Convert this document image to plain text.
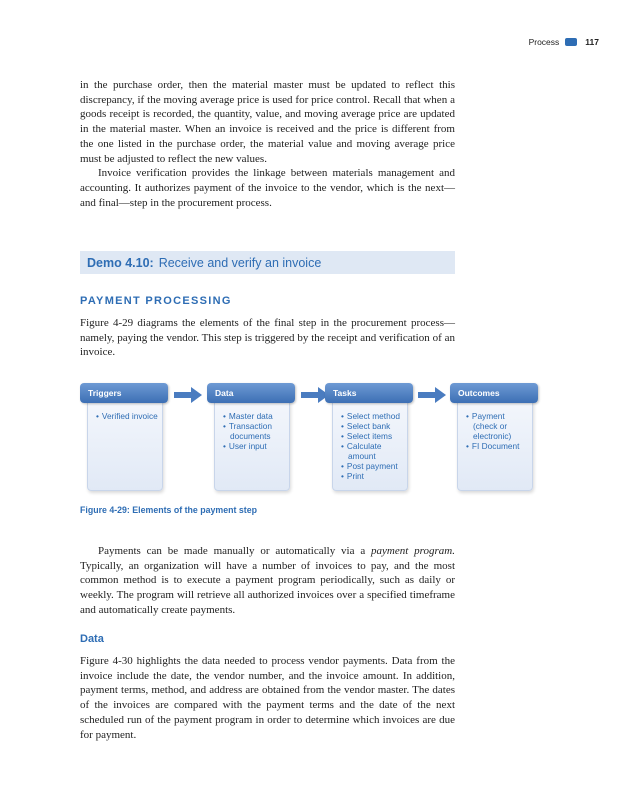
Process	117

in the purchase order, then the material master must be updated to reflect this discrepancy, if the moving average price is used for price control. Recall that when a goods receipt is recorded, the quantity, value, and moving average price are updated in the material master. When an invoice is received and the price is different from the one listed in the purchase order, the material value and moving average price must be adjusted to reflect the new values.

Invoice verification provides the linkage between materials management and accounting. It authorizes payment of the invoice to the vendor, which is the next—and final—step in the procurement process.

Demo 4.10: Receive and verify an invoice
PAYMENT PROCESSING

Figure 4-29 diagrams the elements of the final step in the procurement process—namely, paying the vendor. This step is triggered by the receipt and verification of an invoice.

Triggers
• Verified invoice
Data
• Master data
• Transaction documents
• User input
Tasks
• Select method
• Select bank
• Select items
• Calculate amount
• Post payment
• Print
Outcomes
• Payment (check or electronic)
• FI Document
Figure 4-29: Elements of the payment step

Payments can be made manually or automatically via a payment program. Typically, an organization will have a number of invoices to pay, and the most common method is to execute a payment program periodically, such as daily or weekly. The program will retrieve all authorized invoices over a specified timeframe and automatically create payments.

Data

Figure 4-30 highlights the data needed to process vendor payments. Data from the invoice include the date, the vendor number, and the invoice amount. In addition, payment terms, method, and address are obtained from the vendor master. The dates of the invoices are compared with the payment terms and the date of the next scheduled run of the payment program in order to determine which invoices are due for payment.
